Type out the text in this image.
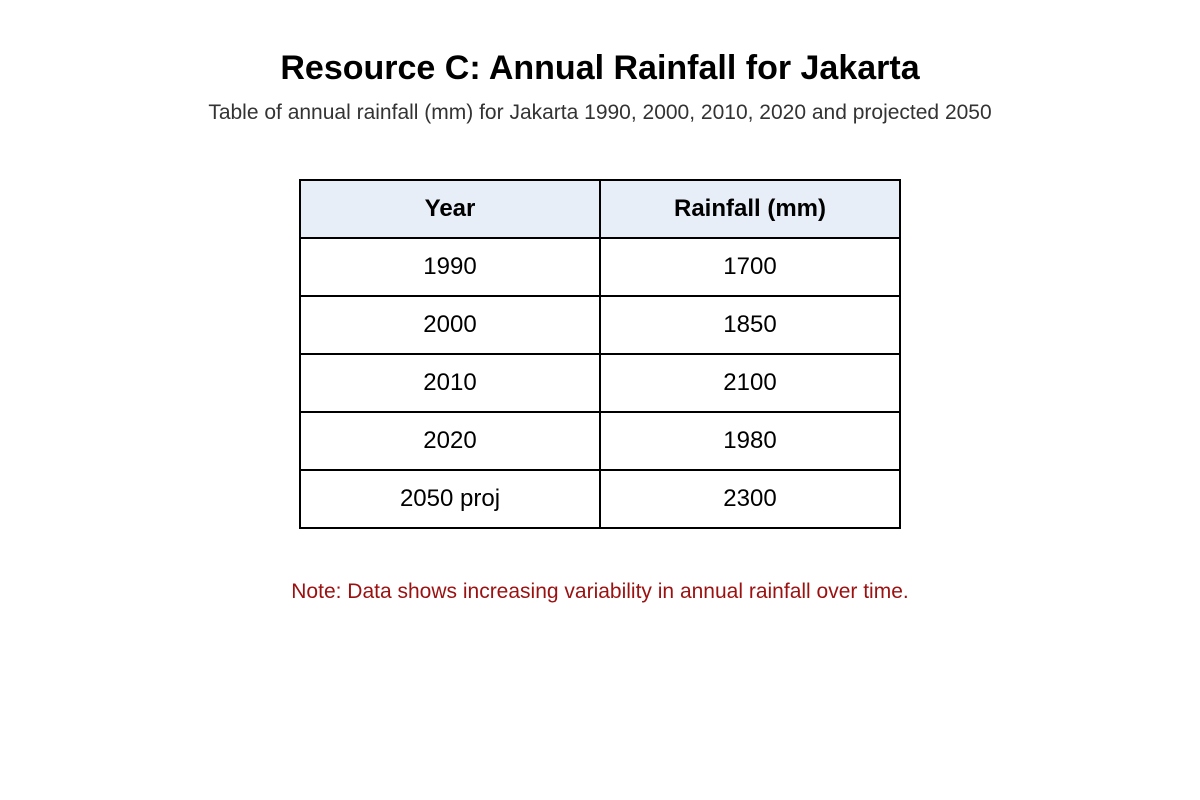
Resource C: Annual Rainfall for Jakarta

Table of annual rainfall (mm) for Jakarta 1990, 2000, 2010, 2020 and projected 2050

Year	Rainfall (mm)
1990	1700
2000	1850
2010	2100
2020	1980
2050 proj	2300

Note: Data shows increasing variability in annual rainfall over time.
